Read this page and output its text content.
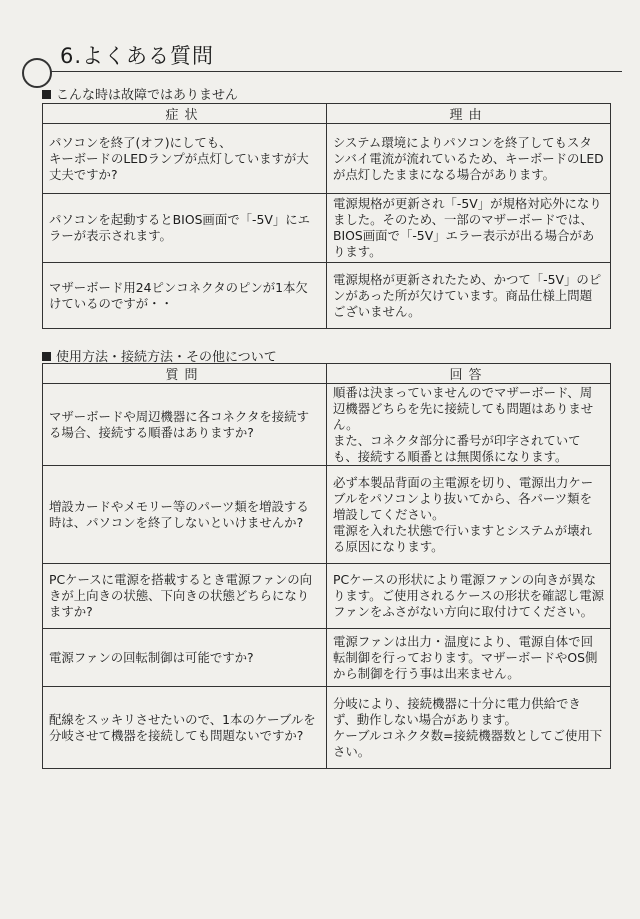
6.よくある質問
こんな時は故障ではありません
症状	理由

パソコンを終了(オフ)にしても、
キーボードのLEDランプが点灯していますが大丈夫ですか?	システム環境によりパソコンを終了してもスタンバイ電流が流れているため、キーボードのLEDが点灯したままになる場合があります。

パソコンを起動するとBIOS画面で「-5V」にエラーが表示されます。	電源規格が更新され「-5V」が規格対応外になりました。そのため、一部のマザーボードでは、BIOS画面で「-5V」エラー表示が出る場合があります。

マザーボード用24ピンコネクタのピンが1本欠けているのですが・・	電源規格が更新されたため、かつて「-5V」のピンがあった所が欠けています。商品仕様上問題ございません。
使用方法・接続方法・その他について
質問	回答

マザーボードや周辺機器に各コネクタを接続する場合、接続する順番はありますか?	順番は決まっていませんのでマザーボード、周辺機器どちらを先に接続しても問題はありません。
また、コネクタ部分に番号が印字されていても、接続する順番とは無関係になります。

増設カードやメモリー等のパーツ類を増設する時は、パソコンを終了しないといけませんか?	必ず本製品背面の主電源を切り、電源出力ケーブルをパソコンより抜いてから、各パーツ類を増設してください。
電源を入れた状態で行いますとシステムが壊れる原因になります。

PCケースに電源を搭載するとき電源ファンの向きが上向きの状態、下向きの状態どちらになりますか?	PCケースの形状により電源ファンの向きが異なります。ご使用されるケースの形状を確認し電源ファンをふさがない方向に取付けてください。

電源ファンの回転制御は可能ですか?	電源ファンは出力・温度により、電源自体で回転制御を行っております。マザーボードやOS側から制御を行う事は出来ません。

配線をスッキリさせたいので、1本のケーブルを分岐させて機器を接続しても問題ないですか?	分岐により、接続機器に十分に電力供給できず、動作しない場合があります。
ケーブルコネクタ数=接続機器数としてご使用下さい。
